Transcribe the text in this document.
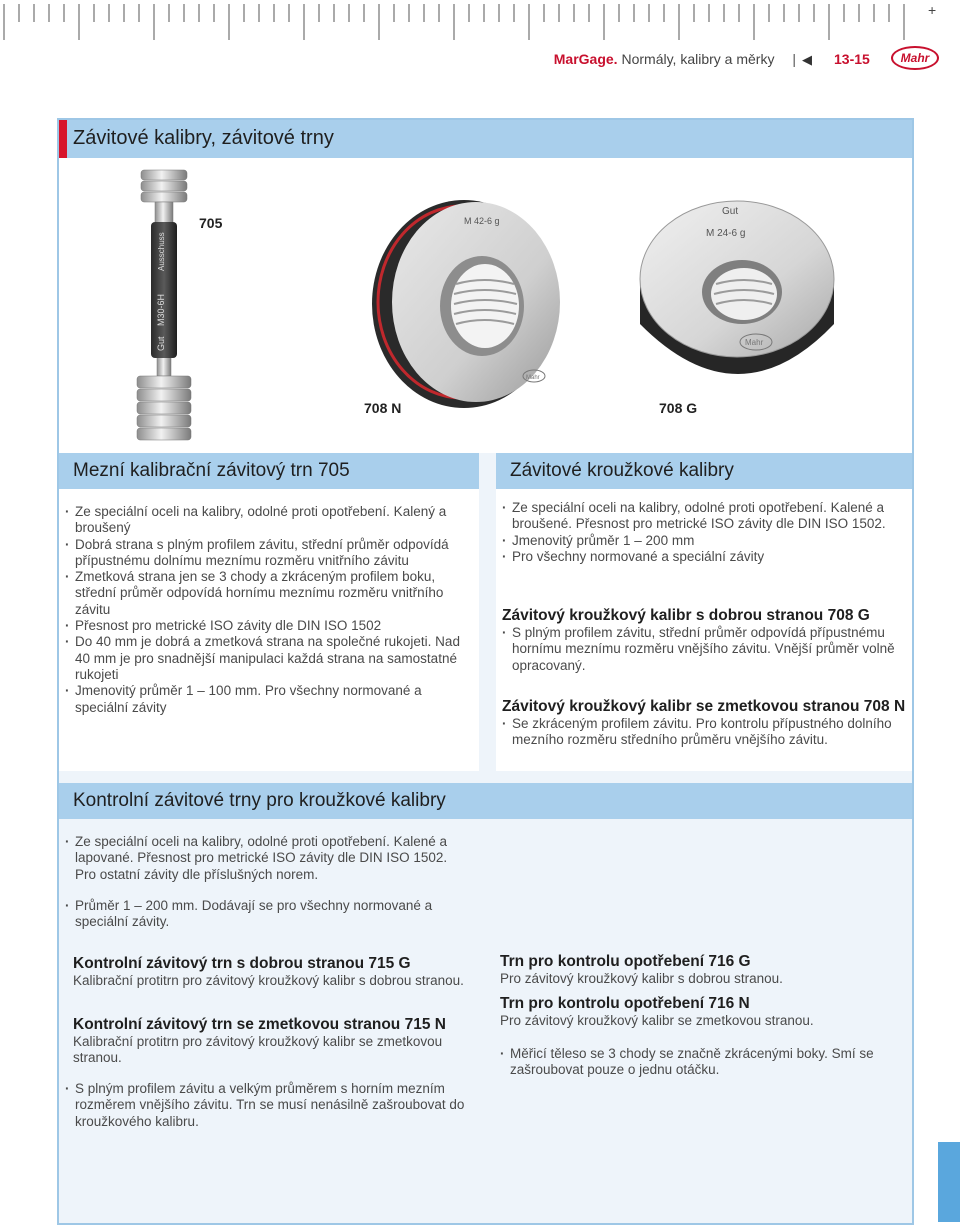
+
MarGage. Normály, kalibry a měrky | ◀	13-15	Mahr
Závitové kalibry, závitové trny
Gut
M30-6H
Ausschuss
705	M 42-6 g
Mahr
708 N
Gut
M 24-6 g
Mahr
708 G
Mezní kalibrační závitový trn 705
· Ze speciální oceli na kalibry, odolné proti opotřebení. Kalený a broušený
· Dobrá strana s plným profilem závitu, střední průměr odpovídá přípustnému dolnímu meznímu rozměru vnitřního závitu
· Zmetková strana jen se 3 chody a zkráceným profilem boku, střední průměr odpovídá hornímu meznímu rozměru vnitřního závitu
· Přesnost pro metrické ISO závity dle DIN ISO 1502
· Do 40 mm je dobrá a zmetková strana na společné rukojeti. Nad 40 mm je pro snadnější manipulaci každá strana na samostatné rukojeti
· Jmenovitý průměr 1 – 100 mm. Pro všechny normované a speciální závity
Závitové kroužkové kalibry
· Ze speciální oceli na kalibry, odolné proti opotřebení. Kalené a broušené. Přesnost pro metrické ISO závity dle DIN ISO 1502.
· Jmenovitý průměr 1 – 200 mm
· Pro všechny normované a speciální závity
Závitový kroužkový kalibr s dobrou stranou 708 G
· S plným profilem závitu, střední průměr odpovídá přípustnému hornímu meznímu rozměru vnějšího závitu. Vnější průměr volně opracovaný.
Závitový kroužkový kalibr se zmetkovou stranou 708 N
· Se zkráceným profilem závitu. Pro kontrolu přípustného dolního mezního rozměru středního průměru vnějšího závitu.
Kontrolní závitové trny pro kroužkové kalibry
· Ze speciální oceli na kalibry, odolné proti opotřebení. Kalené a lapované. Přesnost pro metrické ISO závity dle DIN ISO 1502. Pro ostatní závity dle příslušných norem.
· Průměr 1 – 200 mm. Dodávají se pro všechny normované a speciální závity.
Kontrolní závitový trn s dobrou stranou 715 G
Kalibrační protitrn pro závitový kroužkový kalibr s dobrou stranou.
Kontrolní závitový trn se zmetkovou stranou 715 N
Kalibrační protitrn pro závitový kroužkový kalibr se zmetkovou stranou.
· S plným profilem závitu a velkým průměrem s horním mezním rozměrem vnějšího závitu. Trn se musí nenásilně zašroubovat do kroužkového kalibru.
Trn pro kontrolu opotřebení 716 G
Pro závitový kroužkový kalibr s dobrou stranou.
Trn pro kontrolu opotřebení 716 N
Pro závitový kroužkový kalibr se zmetkovou stranou.
· Měřicí těleso se 3 chody se značně zkrácenými boky. Smí se zašroubovat pouze o jednu otáčku.
